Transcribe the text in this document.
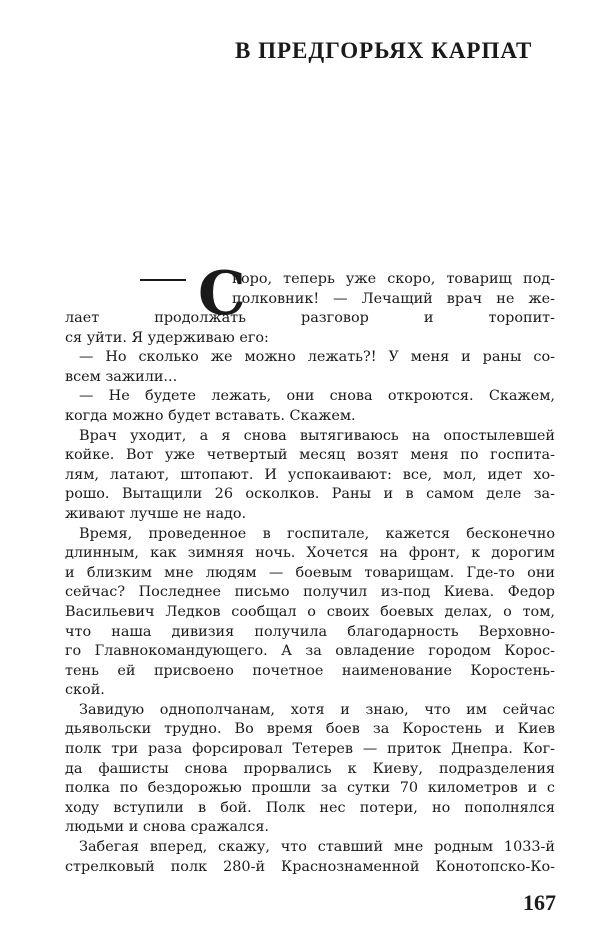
В ПРЕДГОРЬЯХ КАРПАТ
С
коро, теперь уже скоро, товарищ под-
полковник! — Лечащий врач не же-
лает продолжать разговор и торопит-
ся уйти. Я удерживаю его:
— Но сколько же можно лежать?! У меня и раны со-
всем зажили...
— Не будете лежать, они снова откроются. Скажем,
когда можно будет вставать. Скажем.
Врач уходит, а я снова вытягиваюсь на опостылевшей
койке. Вот уже четвертый месяц возят меня по госпита-
лям, латают, штопают. И успокаивают: все, мол, идет хо-
рошо. Вытащили 26 осколков. Раны и в самом деле за-
живают лучше не надо.
Время, проведенное в госпитале, кажется бесконечно
длинным, как зимняя ночь. Хочется на фронт, к дорогим
и близким мне людям — боевым товарищам. Где-то они
сейчас? Последнее письмо получил из-под Киева. Федор
Васильевич Ледков сообщал о своих боевых делах, о том,
что наша дивизия получила благодарность Верховно-
го Главнокомандующего. А за овладение городом Корос-
тень ей присвоено почетное наименование Коростень-
ской.
Завидую однополчанам, хотя и знаю, что им сейчас
дьявольски трудно. Во время боев за Коростень и Киев
полк три раза форсировал Тетерев — приток Днепра. Ког-
да фашисты снова прорвались к Киеву, подразделения
полка по бездорожью прошли за сутки 70 километров и с
ходу вступили в бой. Полк нес потери, но пополнялся
людьми и снова сражался.
Забегая вперед, скажу, что ставший мне родным 1033-й
стрелковый полк 280-й Краснознаменной Конотопско-Ко-
167
